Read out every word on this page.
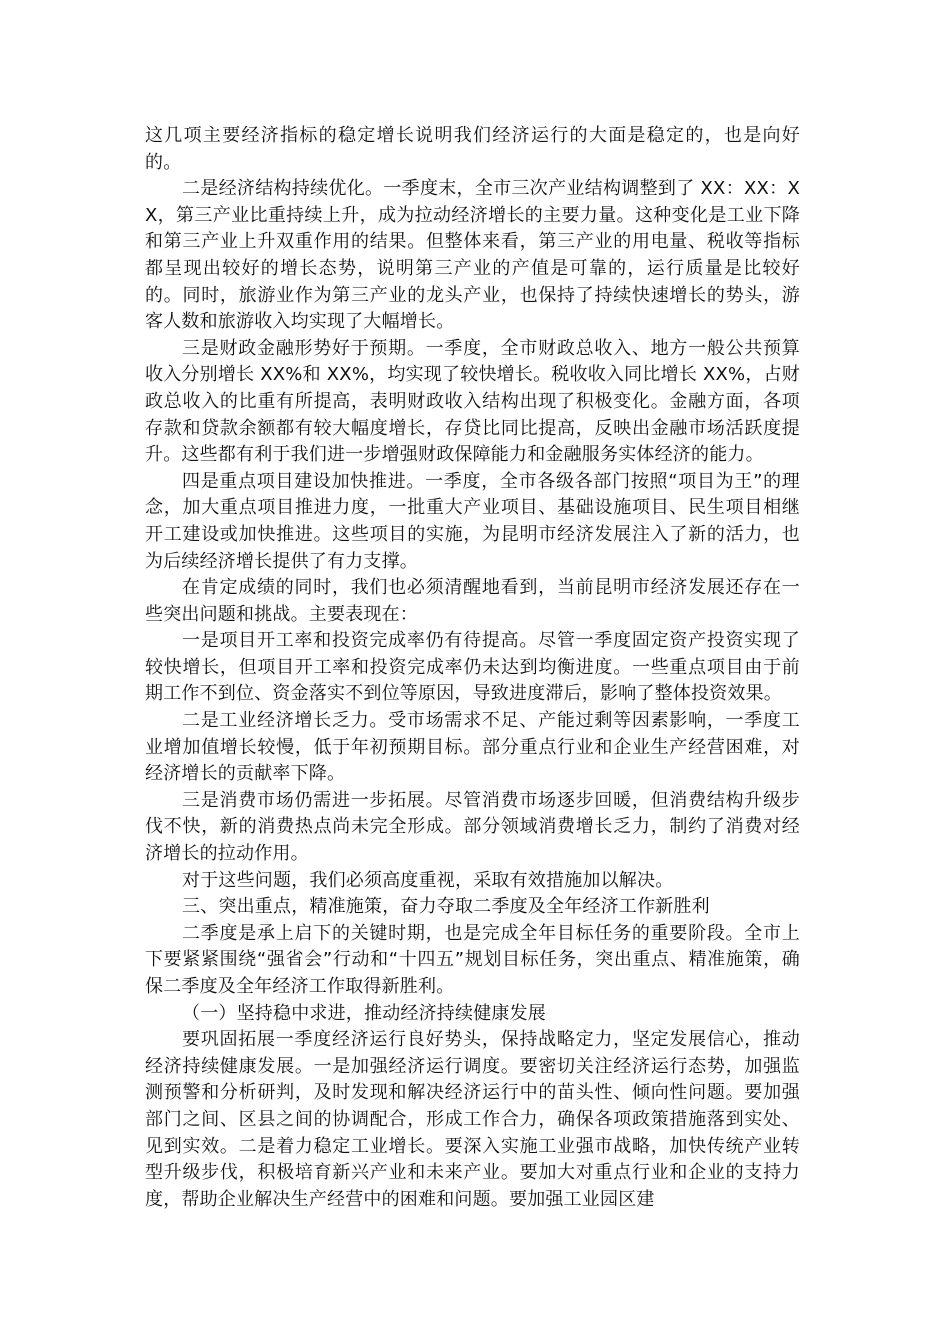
这几项主要经济指标的稳定增长说明我们经济运行的大面是稳定的，也是向好的。

二是经济结构持续优化。一季度末，全市三次产业结构调整到了 XX：XX：XX，第三产业比重持续上升，成为拉动经济增长的主要力量。这种变化是工业下降和第三产业上升双重作用的结果。但整体来看，第三产业的用电量、税收等指标都呈现出较好的增长态势，说明第三产业的产值是可靠的，运行质量是比较好的。同时，旅游业作为第三产业的龙头产业，也保持了持续快速增长的势头，游客人数和旅游收入均实现了大幅增长。

三是财政金融形势好于预期。一季度，全市财政总收入、地方一般公共预算收入分别增长 XX%和 XX%，均实现了较快增长。税收收入同比增长 XX%，占财政总收入的比重有所提高，表明财政收入结构出现了积极变化。金融方面，各项存款和贷款余额都有较大幅度增长，存贷比同比提高，反映出金融市场活跃度提升。这些都有利于我们进一步增强财政保障能力和金融服务实体经济的能力。

四是重点项目建设加快推进。一季度，全市各级各部门按照“项目为王”的理念，加大重点项目推进力度，一批重大产业项目、基础设施项目、民生项目相继开工建设或加快推进。这些项目的实施，为昆明市经济发展注入了新的活力，也为后续经济增长提供了有力支撑。

在肯定成绩的同时，我们也必须清醒地看到，当前昆明市经济发展还存在一些突出问题和挑战。主要表现在：

一是项目开工率和投资完成率仍有待提高。尽管一季度固定资产投资实现了较快增长，但项目开工率和投资完成率仍未达到均衡进度。一些重点项目由于前期工作不到位、资金落实不到位等原因，导致进度滞后，影响了整体投资效果。

二是工业经济增长乏力。受市场需求不足、产能过剩等因素影响，一季度工业增加值增长较慢，低于年初预期目标。部分重点行业和企业生产经营困难，对经济增长的贡献率下降。

三是消费市场仍需进一步拓展。尽管消费市场逐步回暖，但消费结构升级步伐不快，新的消费热点尚未完全形成。部分领域消费增长乏力，制约了消费对经济增长的拉动作用。

对于这些问题，我们必须高度重视，采取有效措施加以解决。

三、突出重点，精准施策，奋力夺取二季度及全年经济工作新胜利

二季度是承上启下的关键时期，也是完成全年目标任务的重要阶段。全市上下要紧紧围绕“强省会”行动和“十四五”规划目标任务，突出重点、精准施策，确保二季度及全年经济工作取得新胜利。

（一）坚持稳中求进，推动经济持续健康发展

要巩固拓展一季度经济运行良好势头，保持战略定力，坚定发展信心，推动经济持续健康发展。一是加强经济运行调度。要密切关注经济运行态势，加强监测预警和分析研判，及时发现和解决经济运行中的苗头性、倾向性问题。要加强部门之间、区县之间的协调配合，形成工作合力，确保各项政策措施落到实处、见到实效。二是着力稳定工业增长。要深入实施工业强市战略，加快传统产业转型升级步伐，积极培育新兴产业和未来产业。要加大对重点行业和企业的支持力度，帮助企业解决生产经营中的困难和问题。要加强工业园区建
